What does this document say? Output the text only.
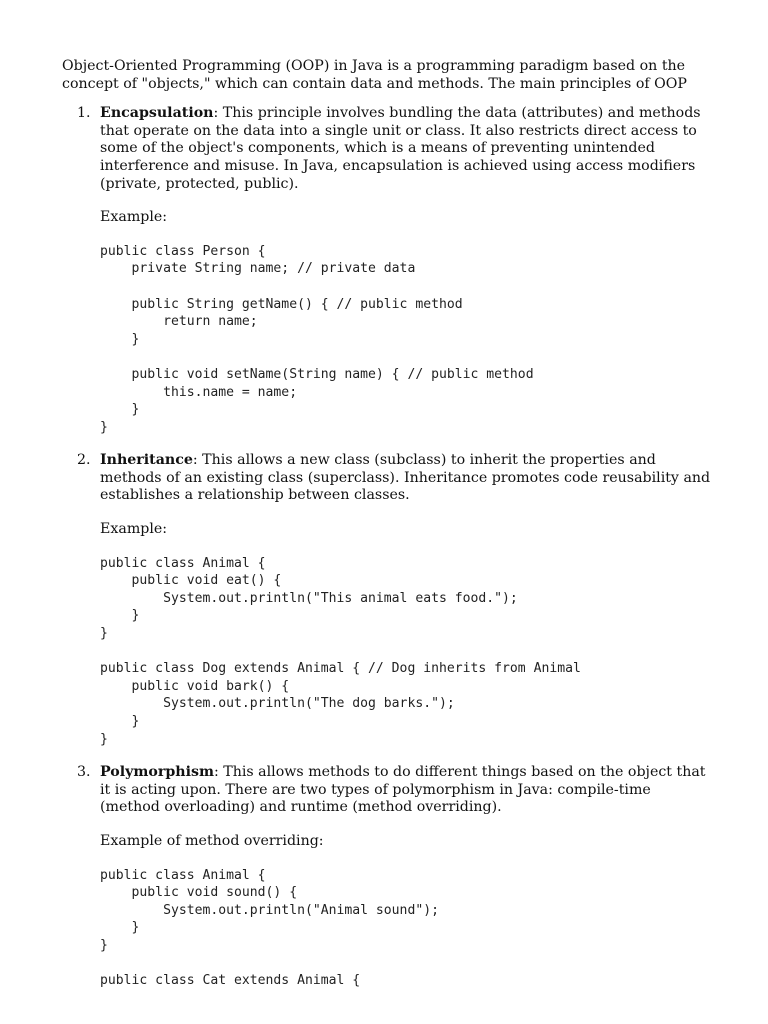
Object-Oriented Programming (OOP) in Java is a programming paradigm based on the concept of "objects," which can contain data and methods. The main principles of OOP

1. Encapsulation: This principle involves bundling the data (attributes) and methods that operate on the data into a single unit or class. It also restricts direct access to some of the object's components, which is a means of preventing unintended interference and misuse. In Java, encapsulation is achieved using access modifiers (private, protected, public).

Example:

public class Person {
private String name; // private data

public String getName() { // public method
return name;
}

public void setName(String name) { // public method
this.name = name;
}
}
2. Inheritance: This allows a new class (subclass) to inherit the properties and methods of an existing class (superclass). Inheritance promotes code reusability and establishes a relationship between classes.

Example:

public class Animal {
public void eat() {
System.out.println("This animal eats food.");
}
}

public class Dog extends Animal { // Dog inherits from Animal
public void bark() {
System.out.println("The dog barks.");
}
}
3. Polymorphism: This allows methods to do different things based on the object that it is acting upon. There are two types of polymorphism in Java: compile-time (method overloading) and runtime (method overriding).

Example of method overriding:

public class Animal {
public void sound() {
System.out.println("Animal sound");
}
}

public class Cat extends Animal {
